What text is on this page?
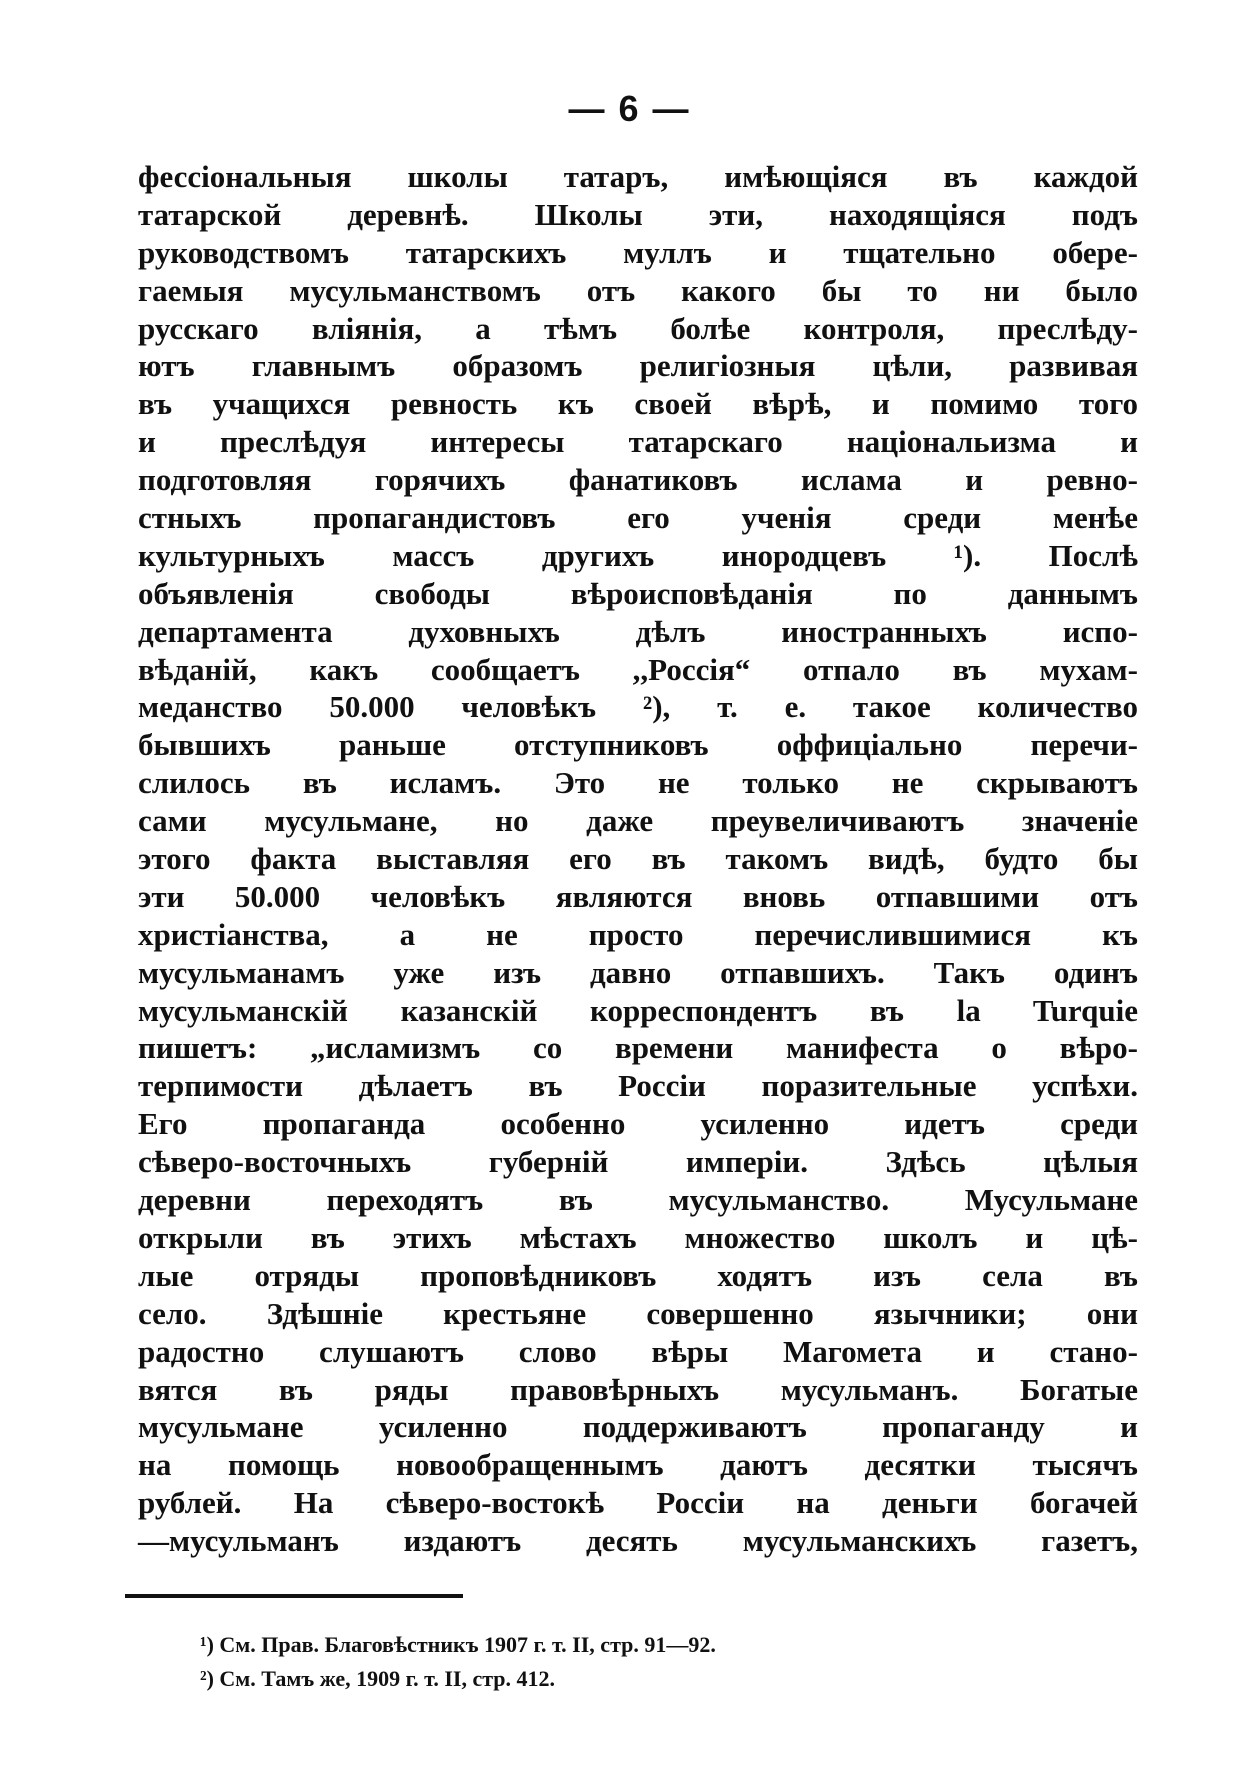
— 6 —
фессіональныя школы татаръ, имѣющіяся въ каждой
татарской деревнѣ. Школы эти, находящіяся подъ
руководствомъ татарскихъ муллъ и тщательно оберe-
гаемыя мусульманствомъ отъ какого бы то ни было
русскаго вліянія, а тѣмъ болѣе контроля, преслѣду-
ютъ главнымъ образомъ религіозныя цѣли, развивая
въ учащихся ревность къ своей вѣрѣ, и помимо того
и преслѣдуя интересы татарскаго національизма и
подготовляя горячихъ фанатиковъ ислама и ревно-
стныхъ пропагандистовъ его ученія среди менѣе
культурныхъ массъ другихъ инородцевъ ¹). Послѣ
объявленія свободы вѣроисповѣданія по даннымъ
департамента духовныхъ дѣлъ иностранныхъ испо-
вѣданій, какъ сообщаетъ ,,Россія“ отпало въ мухам-
меданство 50.000 человѣкъ ²), т. е. такое количество
бывшихъ раньше отступниковъ оффиціально перечи-
слилось въ исламъ. Это не только не скрываютъ
сами мусульмане, но даже преувеличиваютъ значеніе
этого факта выставляя его въ такомъ видѣ, будто бы
эти 50.000 человѣкъ являются вновь отпавшими отъ
христіанства, а не просто перечислившимися къ
мусульманамъ уже изъ давно отпавшихъ. Такъ одинъ
мусульманскій казанскій корреспондентъ въ la Turquie
пишетъ: „исламизмъ со времени манифеста о вѣро-
терпимости дѣлаетъ въ Россіи поразительные успѣхи.
Его пропаганда особенно усиленно идетъ среди
сѣверо-восточныхъ губерній имперіи. Здѣсь цѣлыя
деревни переходятъ въ мусульманство. Мусульмане
открыли въ этихъ мѣстахъ множество школъ и цѣ-
лые отряды проповѣдниковъ ходятъ изъ села въ
село. Здѣшніе крестьяне совершенно язычники; они
радостно слушаютъ слово вѣры Магомета и стано-
вятся въ ряды правовѣрныхъ мусульманъ. Богатые
мусульмане усиленно поддерживаютъ пропаганду и
на помощь новообращеннымъ даютъ десятки тысячъ
рублей. На сѣверо-востокѣ Россіи на деньги богачей
—мусульманъ издаютъ десять мусульманскихъ газетъ,
¹) См. Прав. Благовѣстникъ 1907 г. т. II, стр. 91—92.
²) См. Тамъ же, 1909 г. т. II, стр. 412.
